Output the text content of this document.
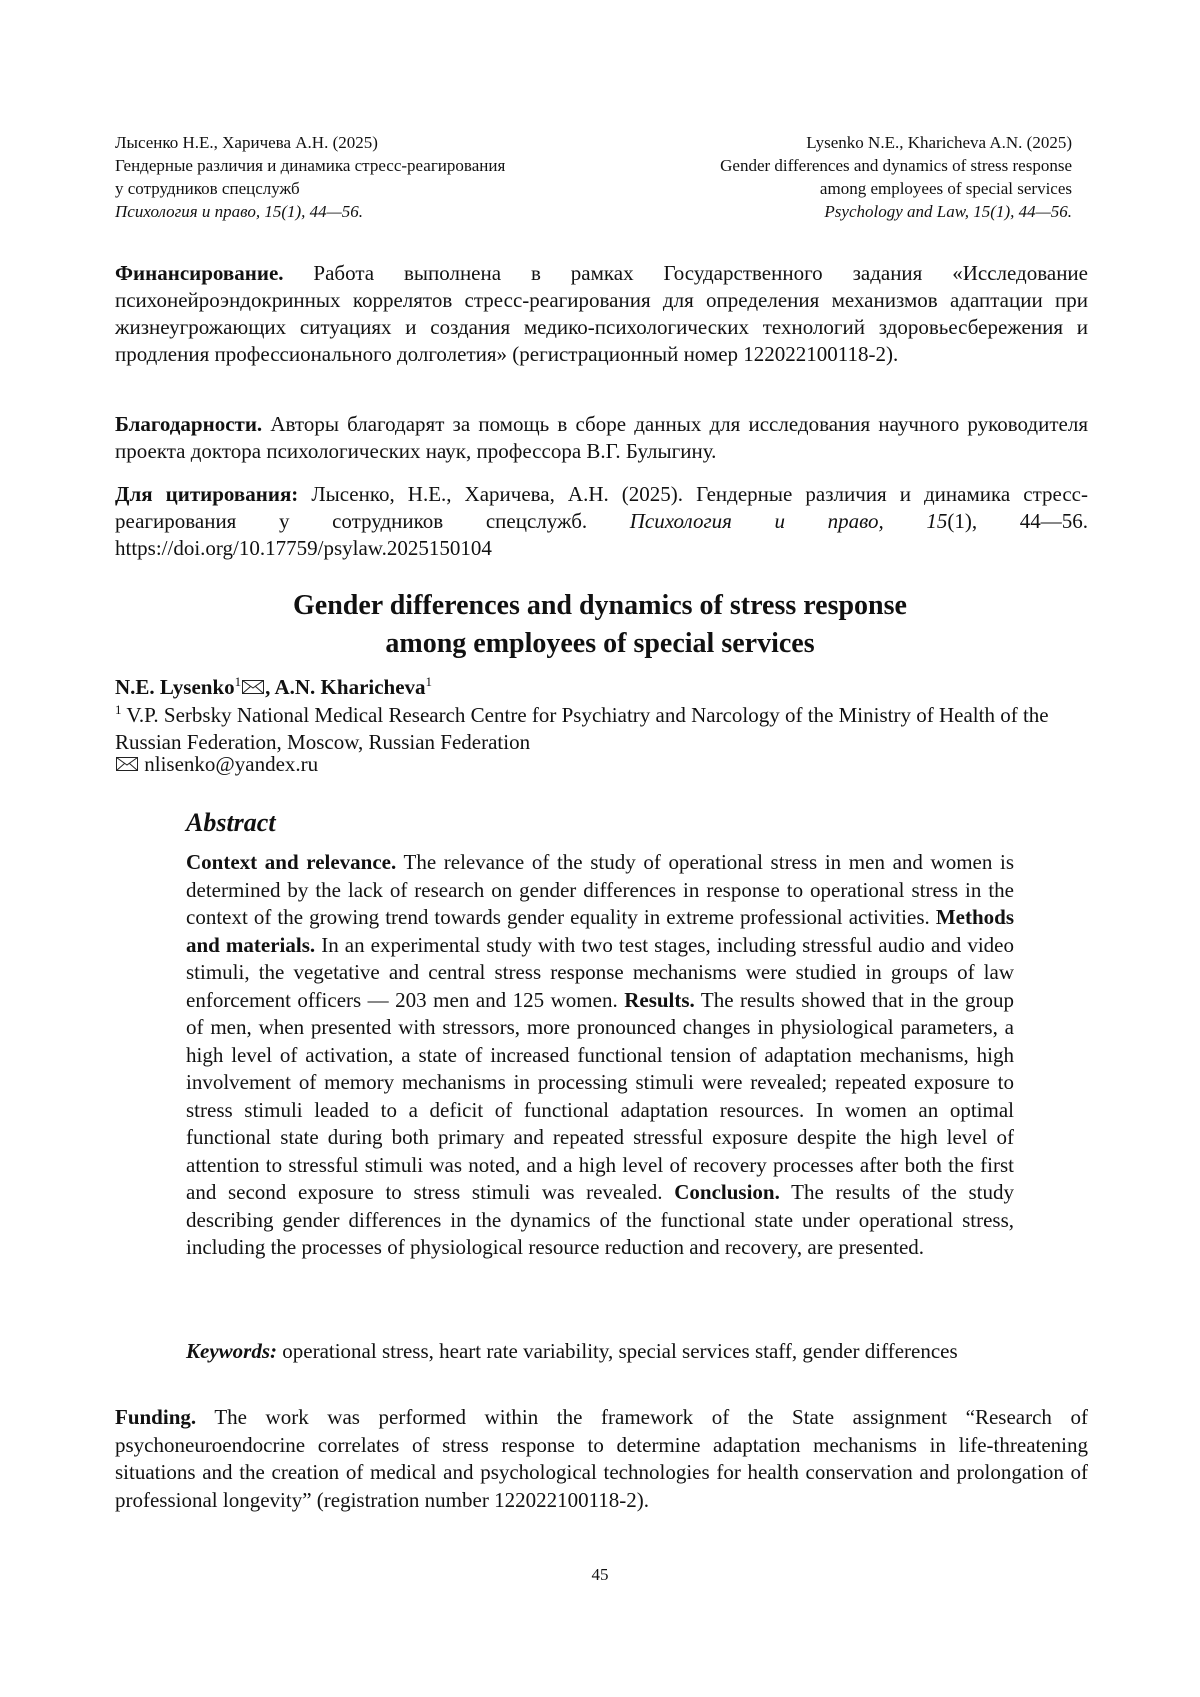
Лысенко Н.Е., Харичева А.Н. (2025)
Гендерные различия и динамика стресс-реагирования
у сотрудников спецслужб
Психология и право, 15(1), 44—56.
Lysenko N.E., Kharicheva A.N. (2025)
Gender differences and dynamics of stress response
among employees of special services
Psychology and Law, 15(1), 44—56.

Финансирование. Работа выполнена в рамках Государственного задания «Исследование психонейроэндокринных коррелятов стресс-реагирования для определения механизмов адаптации при жизнеугрожающих ситуациях и создания медико-психологических технологий здоровьесбережения и продления профессионального долголетия» (регистрационный номер 122022100118-2).

Благодарности. Авторы благодарят за помощь в сборе данных для исследования научного руководителя проекта доктора психологических наук, профессора В.Г. Булыгину.

Для цитирования: Лысенко, Н.Е., Харичева, А.Н. (2025). Гендерные различия и динамика стресс-реагирования у сотрудников спецслужб. Психология и право, 15(1), 44—56. https://doi.org/10.17759/psylaw.2025150104

Gender differences and dynamics of stress response
among employees of special services
N.E. Lysenko$^1$ , A.N. Kharicheva$^1$
$^1$ V.P. Serbsky National Medical Research Centre for Psychiatry and Narcology of the Ministry of Health of the Russian Federation, Moscow, Russian Federation
nlisenko@yandex.ru
Abstract

Context and relevance. The relevance of the study of operational stress in men and women is determined by the lack of research on gender differences in response to operational stress in the context of the growing trend towards gender equality in extreme professional activities. Methods and materials. In an experimental study with two test stages, including stressful audio and video stimuli, the vegetative and central stress response mechanisms were studied in groups of law enforcement officers — 203 men and 125 women. Results. The results showed that in the group of men, when presented with stressors, more pronounced changes in physiological parameters, a high level of activation, a state of increased functional tension of adaptation mechanisms, high involvement of memory mechanisms in processing stimuli were revealed; repeated exposure to stress stimuli leaded to a deficit of functional adaptation resources. In women an optimal functional state during both primary and repeated stressful exposure despite the high level of attention to stressful stimuli was noted, and a high level of recovery processes after both the first and second exposure to stress stimuli was revealed. Conclusion. The results of the study describing gender differences in the dynamics of the functional state under operational stress, including the processes of physiological resource reduction and recovery, are presented.

Keywords: operational stress, heart rate variability, special services staff, gender differences

Funding. The work was performed within the framework of the State assignment “Research of psychoneuroendocrine correlates of stress response to determine adaptation mechanisms in life-threatening situations and the creation of medical and psychological technologies for health conservation and prolongation of professional longevity” (registration number 122022100118-2).

45
